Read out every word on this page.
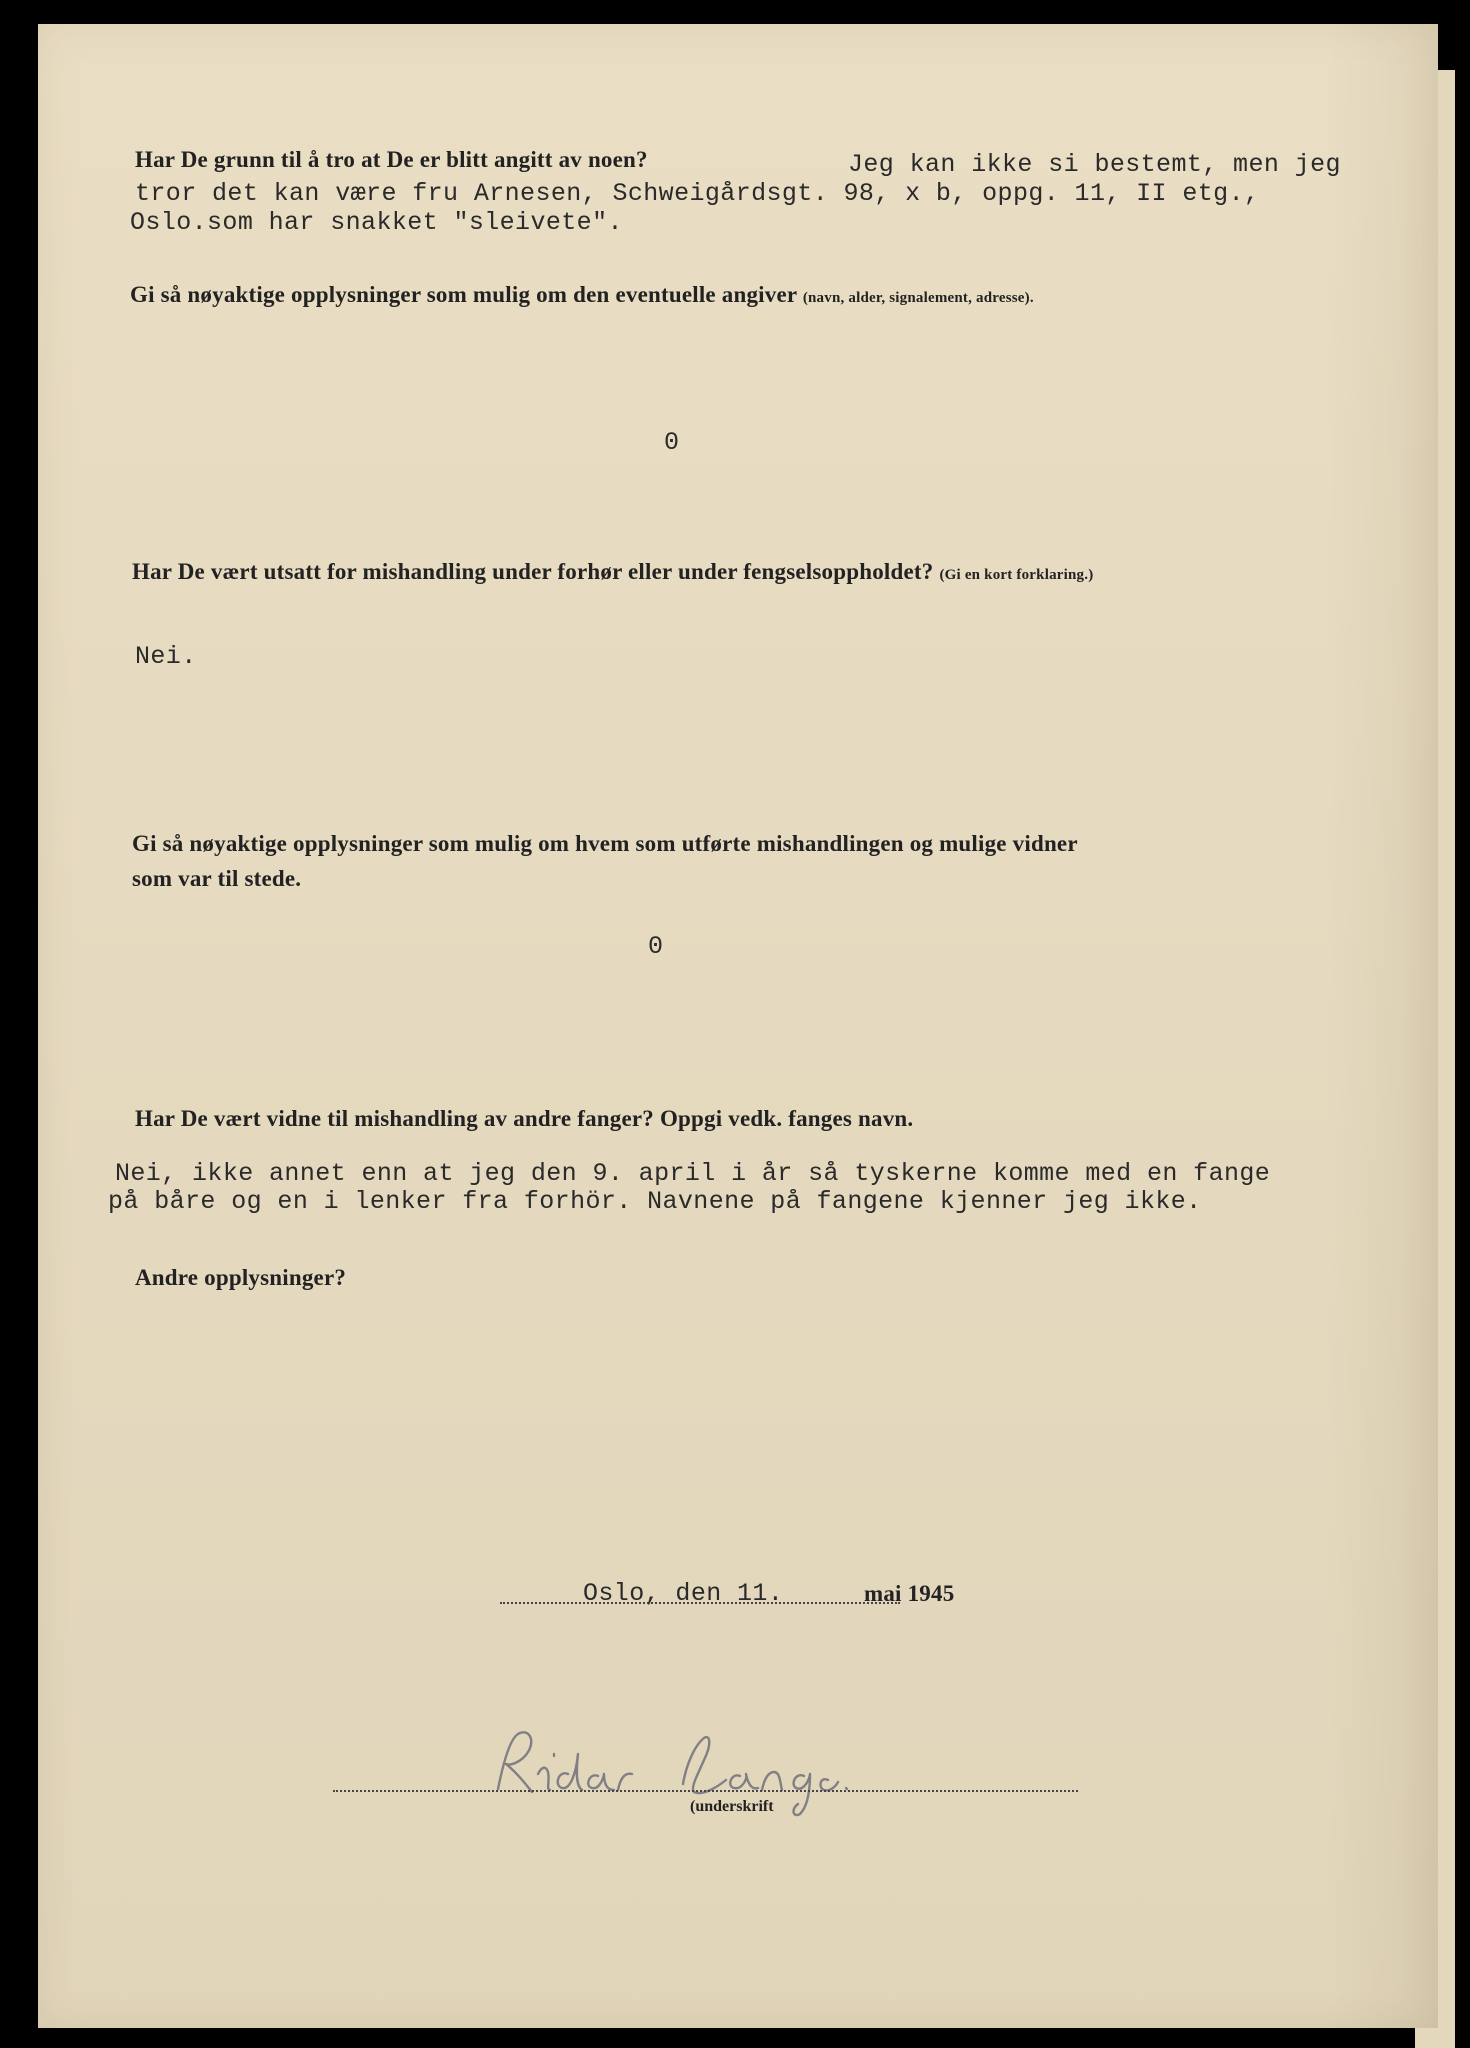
Har De grunn til å tro at De er blitt angitt av noen?	Jeg kan ikke si bestemt, men jeg
tror det kan være fru Arnesen, Schweigårdsgt. 98, x b, oppg. 11, II etg.,
Oslo.som har snakket "sleivete".
Gi så nøyaktige opplysninger som mulig om den eventuelle angiver (navn, alder, signalement, adresse).
0
Har De vært utsatt for mishandling under forhør eller under fengselsoppholdet? (Gi en kort forklaring.)
Nei.
Gi så nøyaktige opplysninger som mulig om hvem som utførte mishandlingen og mulige vidner
som var til stede.
0
Har De vært vidne til mishandling av andre fanger? Oppgi vedk. fanges navn.
Nei, ikke annet enn at jeg den 9. april i år så tyskerne komme med en fange
på båre og en i lenker fra forhör. Navnene på fangene kjenner jeg ikke.
Andre opplysninger?
Oslo, den 11.	mai 1945
(underskrift
